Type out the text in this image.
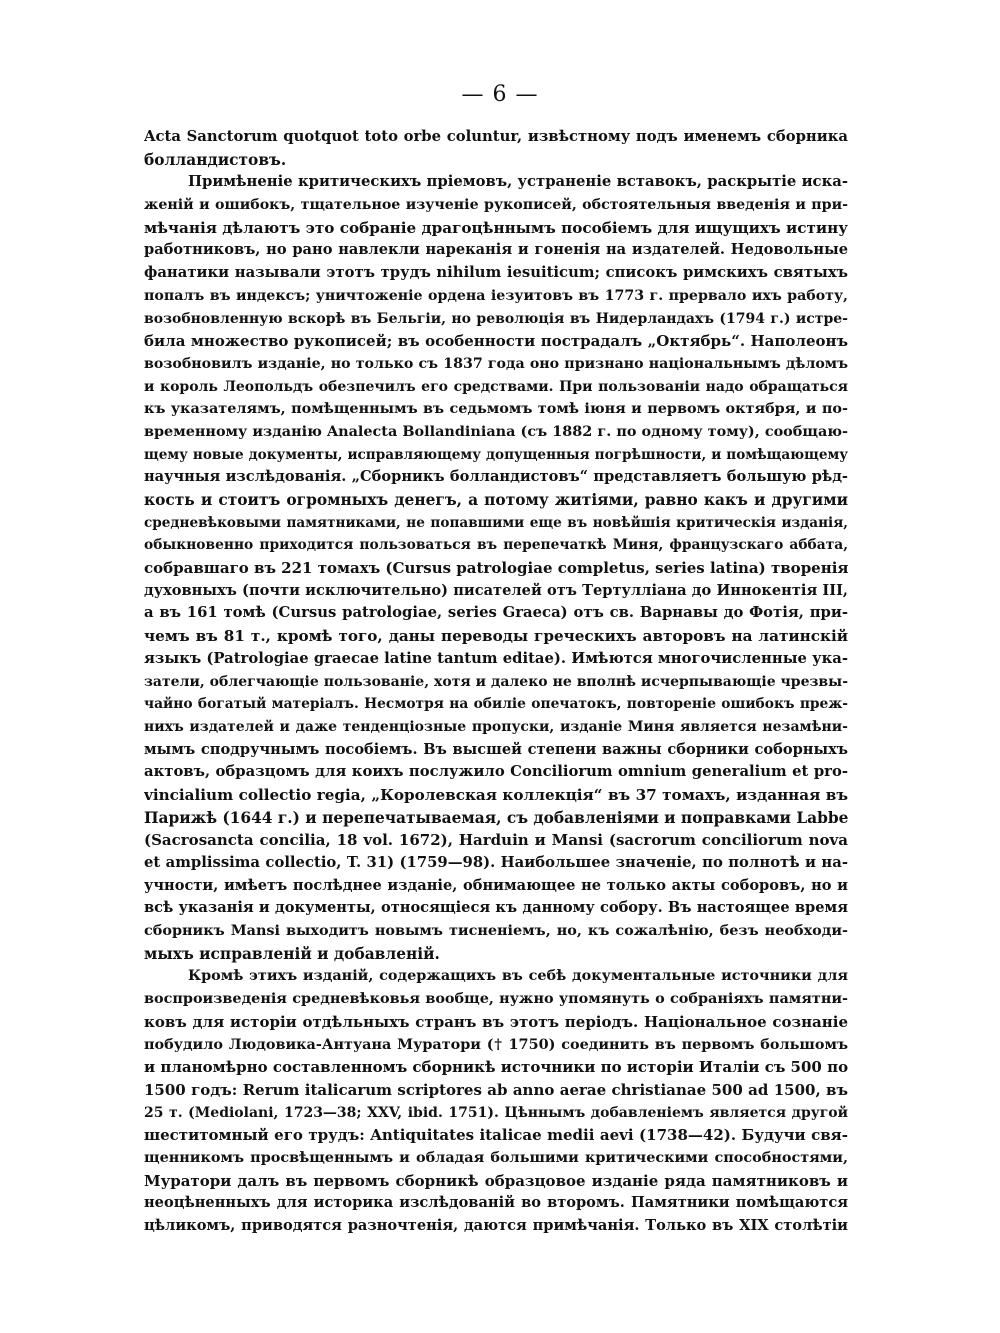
— 6 —
Acta Sanctorum quotquot toto orbe coluntur, извѣстному подъ именемъ сборника
болландистовъ.
Примѣненіе критическихъ пріемовъ, устраненіе вставокъ, раскрытіе иска-
женій и ошибокъ, тщательное изученіе рукописей, обстоятельныя введенія и при-
мѣчанія дѣлаютъ это собраніе драгоцѣннымъ пособіемъ для ищущихъ истину
работниковъ, но рано навлекли нареканія и гоненія на издателей. Недовольные
фанатики называли этотъ трудъ nihilum iesuiticum; списокъ римскихъ святыхъ
попалъ въ индексъ; уничтоженіе ордена іезуитовъ въ 1773 г. прервало ихъ работу,
возобновленную вскорѣ въ Бельгіи, но революція въ Нидерландахъ (1794 г.) истре-
била множество рукописей; въ особенности пострадалъ „Октябрь“. Наполеонъ
возобновилъ изданіе, но только съ 1837 года оно признано національнымъ дѣломъ
и король Леопольдъ обезпечилъ его средствами. При пользованіи надо обращаться
къ указателямъ, помѣщеннымъ въ седьмомъ томѣ іюня и первомъ октября, и по-
временному изданію Analecta Bollandiniana (съ 1882 г. по одному тому), сообщаю-
щему новые документы, исправляющему допущенныя погрѣшности, и помѣщающему
научныя изслѣдованія. „Сборникъ болландистовъ“ представляетъ большую рѣд-
кость и стоитъ огромныхъ денегъ, а потому житіями, равно какъ и другими
средневѣковыми памятниками, не попавшими еще въ новѣйшія критическія изданія,
обыкновенно приходится пользоваться въ перепечаткѣ Миня, французскаго аббата,
собравшаго въ 221 томахъ (Cursus patrologiae completus, series latina) творенія
духовныхъ (почти исключительно) писателей отъ Тертулліана до Иннокентія III,
а въ 161 томѣ (Cursus patrologiae, series Graeca) отъ св. Варнавы до Фотія, при-
чемъ въ 81 т., кромѣ того, даны переводы греческихъ авторовъ на латинскій
языкъ (Patrologiae graecae latine tantum editae). Имѣются многочисленные ука-
затели, облегчающіе пользованіе, хотя и далеко не вполнѣ исчерпывающіе чрезвы-
чайно богатый матеріалъ. Несмотря на обиліе опечатокъ, повтореніе ошибокъ преж-
нихъ издателей и даже тенденціозные пропуски, изданіе Миня является незамѣни-
мымъ сподручнымъ пособіемъ. Въ высшей степени важны сборники соборныхъ
актовъ, образцомъ для коихъ послужило Conciliorum omnium generalium et pro-
vincialium collectio regia, „Королевская коллекція“ въ 37 томахъ, изданная въ
Парижѣ (1644 г.) и перепечатываемая, съ добавленіями и поправками Labbe
(Sacrosancta concilia, 18 vol. 1672), Harduin и Mansi (sacrorum conciliorum nova
et amplissima collectio, T. 31) (1759—98). Наибольшее значеніе, по полнотѣ и на-
учности, имѣетъ послѣднее изданіе, обнимающее не только акты соборовъ, но и
всѣ указанія и документы, относящіеся къ данному собору. Въ настоящее время
сборникъ Mansi выходитъ новымъ тисненіемъ, но, къ сожалѣнію, безъ необходи-
мыхъ исправленій и добавленій.
Кромѣ этихъ изданій, содержащихъ въ себѣ документальные источники для
воспроизведенія средневѣковья вообще, нужно упомянуть о собраніяхъ памятни-
ковъ для исторіи отдѣльныхъ странъ въ этотъ періодъ. Національное сознаніе
побудило Людовика-Антуана Муратори († 1750) соединить въ первомъ большомъ
и планомѣрно составленномъ сборникѣ источники по исторіи Италіи съ 500 по
1500 годъ: Rerum italicarum scriptores ab anno aerae christianae 500 ad 1500, въ
25 т. (Mediolani, 1723—38; XXV, ibid. 1751). Цѣннымъ добавленіемъ является другой
шеститомный его трудъ: Antiquitates italicae medii aevi (1738—42). Будучи свя-
щенникомъ просвѣщеннымъ и обладая большими критическими способностями,
Муратори далъ въ первомъ сборникѣ образцовое изданіе ряда памятниковъ и
неоцѣненныхъ для историка изслѣдованій во второмъ. Памятники помѣщаются
цѣликомъ, приводятся разночтенія, даются примѣчанія. Только въ XIX столѣтіи
